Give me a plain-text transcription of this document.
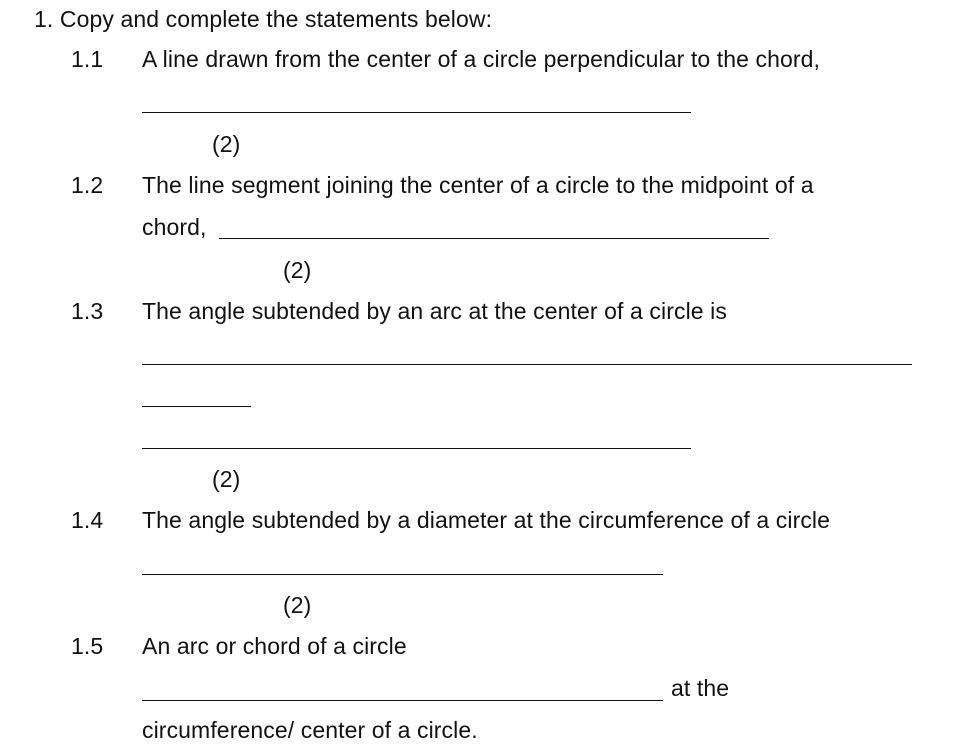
1. Copy and complete the statements below:
1.1 A line drawn from the center of a circle perpendicular to the chord,
(2)
1.2 The line segment joining the center of a circle to the midpoint of a
chord,
(2)
1.3 The angle subtended by an arc at the center of a circle is
(2)
1.4 The angle subtended by a diameter at the circumference of a circle
(2)
1.5 An arc or chord of a circle
at the
circumference/ center of a circle.
